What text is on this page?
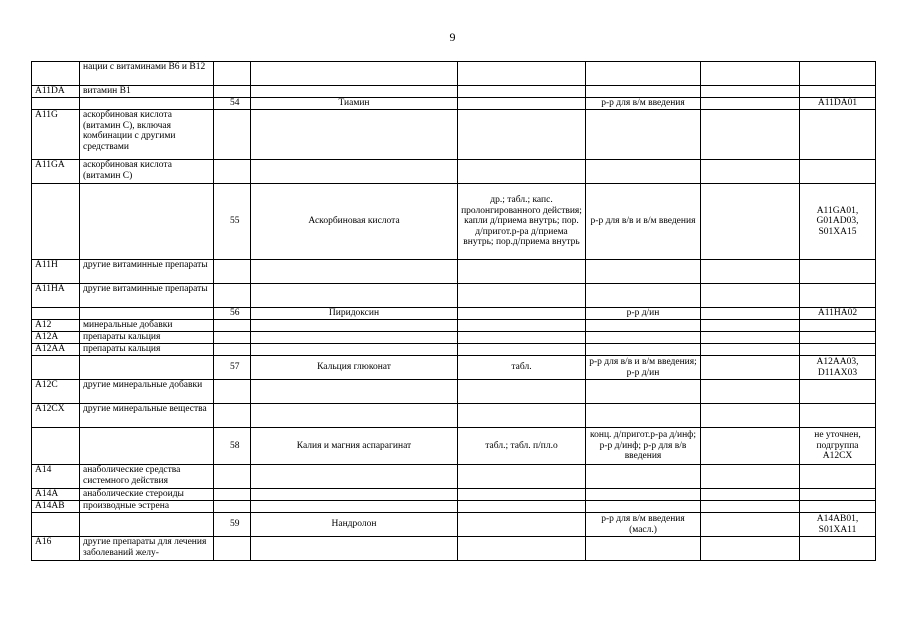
9
	нации с витаминами В6 и В12						
A11DA	витамин В1						
		54	Тиамин		р-р для в/м введения		A11DA01
A11G	аскорбиновая кислота (витамин С), включая комбинации с другими средствами						
A11GA	аскорбиновая кислота (витамин С)						
		55	Аскорбиновая кислота	др.; табл.; капс. пролонгированного действия; капли д/приема внутрь; пор. д/пригот.р-ра д/приема внутрь; пор.д/приема внутрь	р-р для в/в и в/м введения		A11GA01, G01AD03, S01XA15
A11H	другие витаминные препараты						
A11HA	другие витаминные препараты						
		56	Пиридоксин		р-р д/ин		A11HA02
A12	минеральные добавки						
A12A	препараты кальция						
A12AA	препараты кальция						
		57	Кальция глюконат	табл.	р-р для в/в и в/м введения; р-р д/ин		A12AA03, D11AX03
A12C	другие минеральные добавки						
A12CX	другие минеральные вещества						
		58	Калия и магния аспарагинат	табл.; табл. п/пл.о	конц. д/пригот.р-ра д/инф; р-р д/инф; р-р для в/в введения		не уточнен, подгруппа A12CX
A14	анаболические средства системного действия						
A14A	анаболические стероиды						
A14AB	производные эстрена						
		59	Нандролон		р-р для в/м введения (масл.)		A14AB01, S01XA11
A16	другие препараты для лечения заболеваний желу-						
